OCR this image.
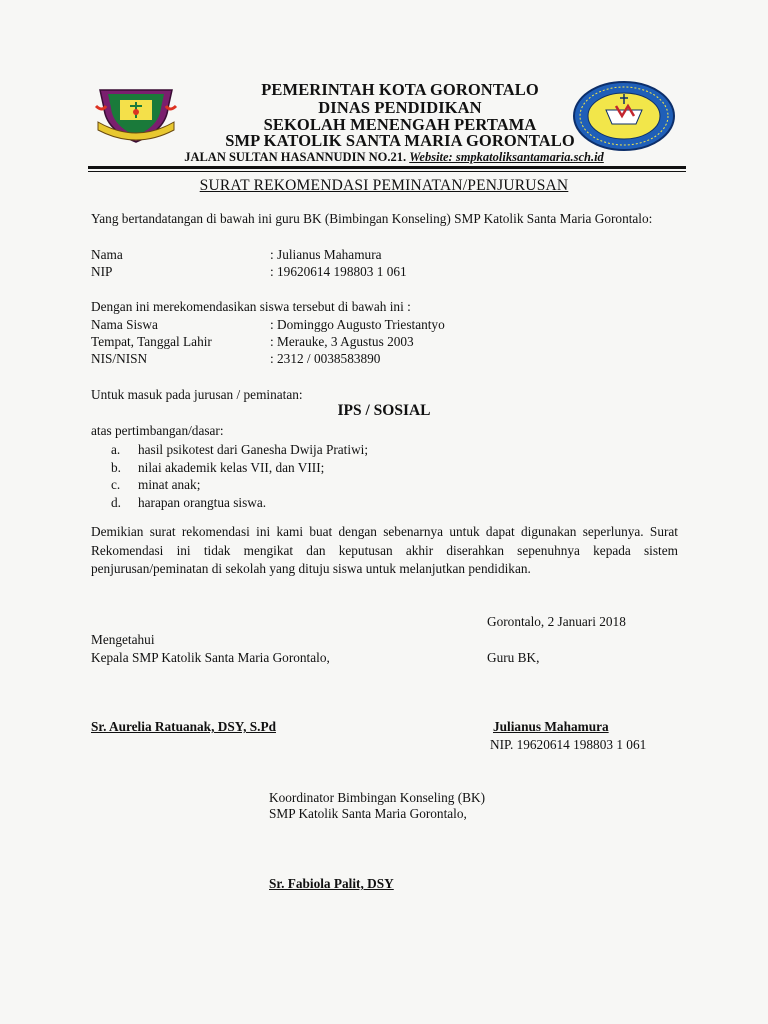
PEMERINTAH KOTA GORONTALO
DINAS PENDIDIKAN
SEKOLAH MENENGAH PERTAMA
SMP KATOLIK SANTA MARIA GORONTALO
JALAN SULTAN HASANNUDIN NO.21. Website: smpkatoliksantamaria.sch.id
SURAT REKOMENDASI PEMINATAN/PENJURUSAN
Yang bertandatangan di bawah ini guru BK (Bimbingan Konseling) SMP Katolik Santa Maria Gorontalo:
Nama	: Julianus Mahamura
NIP	: 19620614 198803 1 061
Dengan ini merekomendasikan siswa tersebut di bawah ini :
Nama Siswa	: Dominggo Augusto Triestantyo
Tempat, Tanggal Lahir	: Merauke, 3 Agustus 2003
NIS/NISN	: 2312 / 0038583890
Untuk masuk pada jurusan / peminatan:
IPS / SOSIAL
atas pertimbangan/dasar:
a. hasil psikotest dari Ganesha Dwija Pratiwi;
b. nilai akademik kelas VII, dan VIII;
c. minat anak;
d. harapan orangtua siswa.
Demikian surat rekomendasi ini kami buat dengan sebenarnya untuk dapat digunakan seperlunya. Surat Rekomendasi ini tidak mengikat dan keputusan akhir diserahkan sepenuhnya kepada sistem penjurusan/peminatan di sekolah yang dituju siswa untuk melanjutkan pendidikan.
Gorontalo, 2 Januari 2018
Mengetahui
Kepala SMP Katolik Santa Maria Gorontalo,	Guru BK,
Sr. Aurelia Ratuanak, DSY, S.Pd	Julianus Mahamura
NIP. 19620614 198803 1 061
Koordinator Bimbingan Konseling (BK)
SMP Katolik Santa Maria Gorontalo,
Sr. Fabiola Palit, DSY
